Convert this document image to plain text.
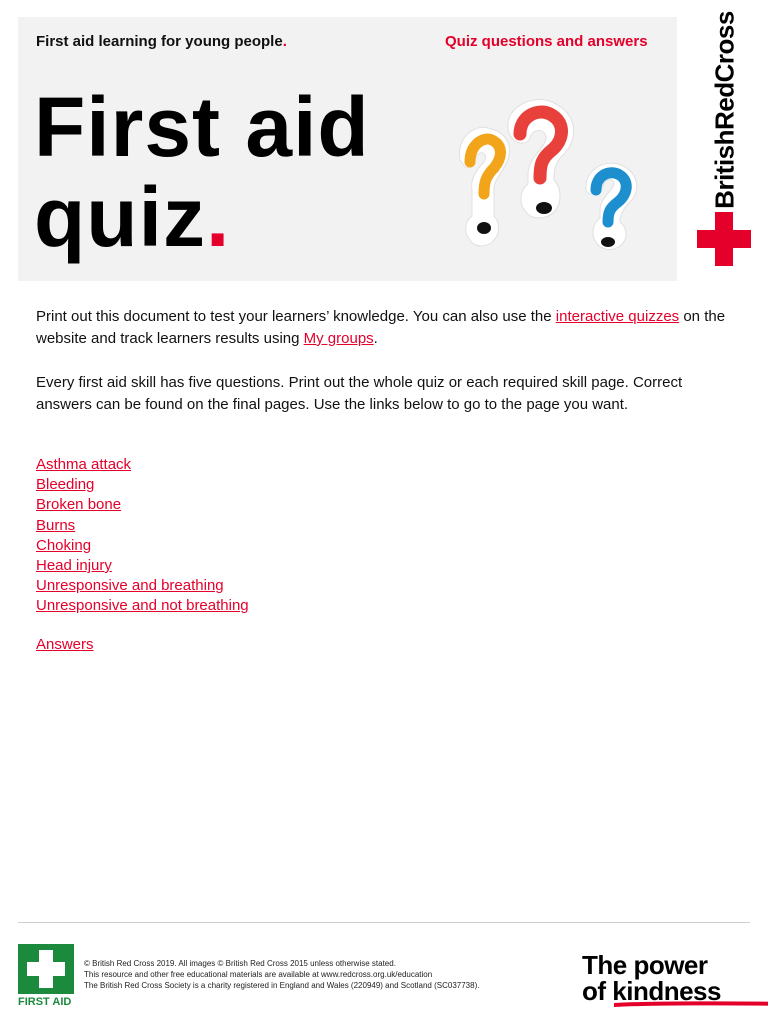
First aid learning for young people.	Quiz questions and answers
First aid
quiz.
BritishRedCross

Print out this document to test your learners’ knowledge. You can also use the interactive quizzes on the website and track learners results using My groups.

Every first aid skill has five questions. Print out the whole quiz or each required skill page. Correct answers can be found on the final pages. Use the links below to go to the page you want.

Asthma attack
Bleeding
Broken bone
Burns
Choking
Head injury
Unresponsive and breathing
Unresponsive and not breathing
Answers
FIRST AID
© British Red Cross 2019. All images © British Red Cross 2015 unless otherwise stated.
This resource and other free educational materials are available at www.redcross.org.uk/education
The British Red Cross Society is a charity registered in England and Wales (220949) and Scotland (SC037738).
The power
of kindness
